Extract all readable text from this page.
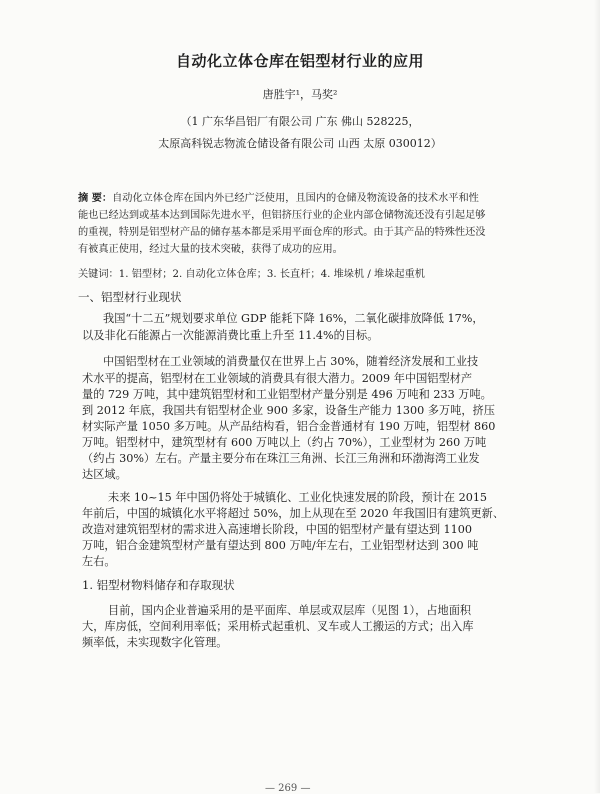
自动化立体仓库在铝型材行业的应用
唐胜宇¹，马奖²
（1 广东华昌铝厂有限公司 广东 佛山 528225，
太原高科锐志物流仓储设备有限公司 山西 太原 030012）
摘 要：自动化立体仓库在国内外已经广泛使用，且国内的仓储及物流设备的技术水平和性
能也已经达到或基本达到国际先进水平，但铝挤压行业的企业内部仓储物流还没有引起足够
的重视，特别是铝型材产品的储存基本都是采用平面仓库的形式。由于其产品的特殊性还没
有被真正使用，经过大量的技术突破，获得了成功的应用。
关键词：1. 铝型材；2. 自动化立体仓库；3. 长直杆；4. 堆垛机 / 堆垛起重机
一、铝型材行业现状
我国“十二五”规划要求单位 GDP 能耗下降 16%，二氧化碳排放降低 17%，
以及非化石能源占一次能源消费比重上升至 11.4%的目标。
中国铝型材在工业领域的消费量仅在世界上占 30%，随着经济发展和工业技
术水平的提高，铝型材在工业领域的消费具有很大潜力。2009 年中国铝型材产
量的 729 万吨，其中建筑铝型材和工业铝型材产量分别是 496 万吨和 233 万吨。
到 2012 年底，我国共有铝型材企业 900 多家，设备生产能力 1300 多万吨，挤压
材实际产量 1050 多万吨。从产品结构看，铝合金普通材有 190 万吨，铝型材 860
万吨。铝型材中，建筑型材有 600 万吨以上（约占 70%），工业型材为 260 万吨
（约占 30%）左右。产量主要分布在珠江三角洲、长江三角洲和环渤海湾工业发
达区域。
未来 10~15 年中国仍将处于城镇化、工业化快速发展的阶段，预计在 2015
年前后，中国的城镇化水平将超过 50%，加上从现在至 2020 年我国旧有建筑更新、
改造对建筑铝型材的需求进入高速增长阶段，中国的铝型材产量有望达到 1100
万吨，铝合金建筑型材产量有望达到 800 万吨/年左右，工业铝型材达到 300 吨
左右。
1. 铝型材物料储存和存取现状
目前，国内企业普遍采用的是平面库、单层或双层库（见图 1），占地面积
大，库房低，空间利用率低；采用桥式起重机、叉车或人工搬运的方式；出入库
频率低，未实现数字化管理。
— 269 —
